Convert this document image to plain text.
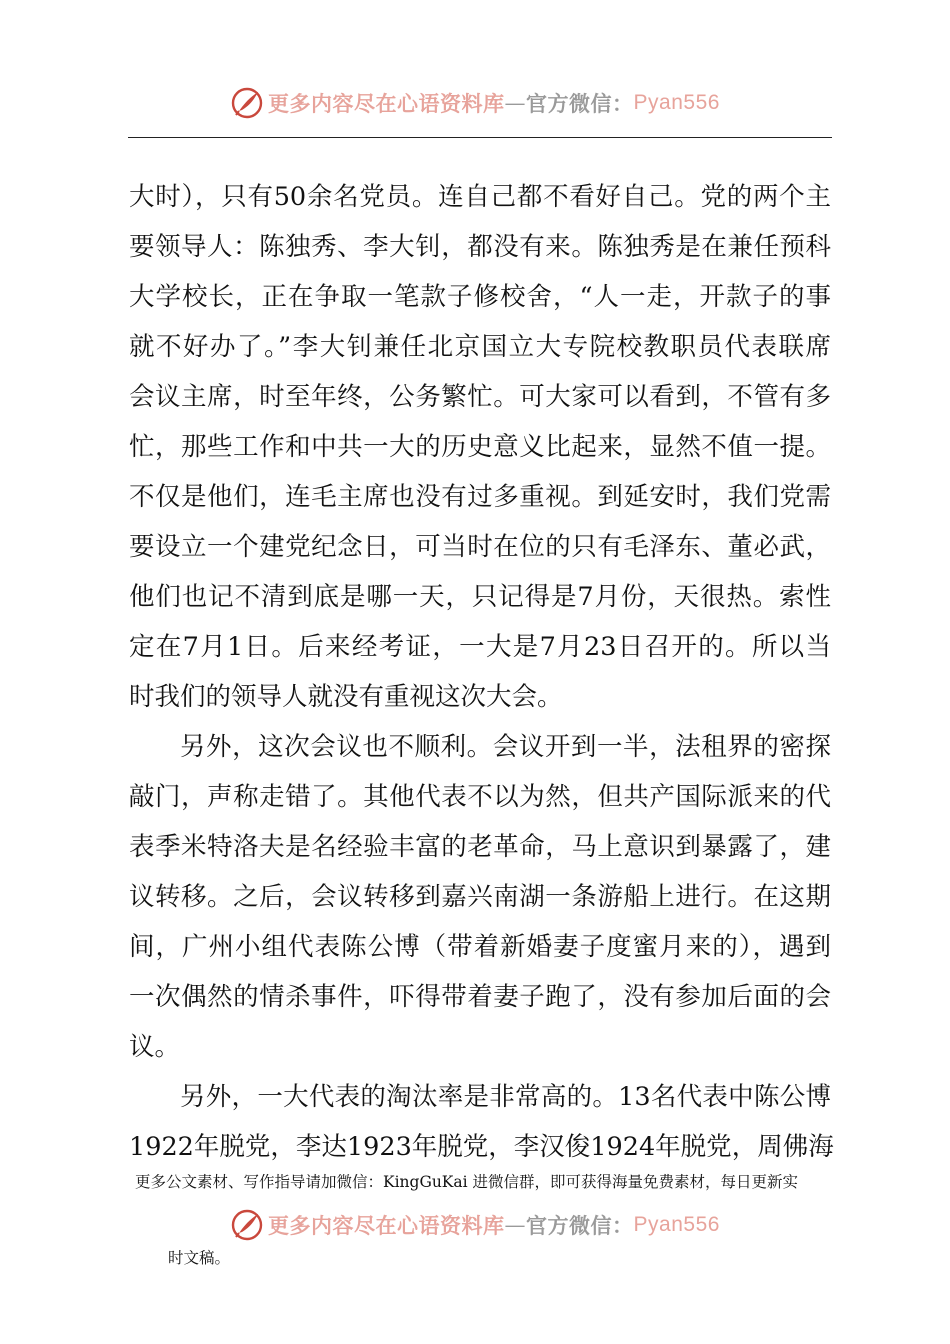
更多内容尽在心语资料库 — 官方微信： Pyan556
大时），只有50余名党员。连自己都不看好自己。党的两个主
要领导人：陈独秀、李大钊，都没有来。陈独秀是在兼任预科
大学校长，正在争取一笔款子修校舍，“人一走，开款子的事
就不好办了。”李大钊兼任北京国立大专院校教职员代表联席
会议主席，时至年终，公务繁忙。可大家可以看到，不管有多
忙，那些工作和中共一大的历史意义比起来，显然不值一提。
不仅是他们，连毛主席也没有过多重视。到延安时，我们党需
要设立一个建党纪念日，可当时在位的只有毛泽东、董必武，
他们也记不清到底是哪一天，只记得是7月份，天很热。索性
定在7月1日。后来经考证，一大是7月23日召开的。所以当
时我们的领导人就没有重视这次大会。
另外，这次会议也不顺利。会议开到一半，法租界的密探
敲门，声称走错了。其他代表不以为然，但共产国际派来的代
表季米特洛夫是名经验丰富的老革命，马上意识到暴露了，建
议转移。之后，会议转移到嘉兴南湖一条游船上进行。在这期
间，广州小组代表陈公博（带着新婚妻子度蜜月来的），遇到
一次偶然的情杀事件，吓得带着妻子跑了，没有参加后面的会
议。
另外，一大代表的淘汰率是非常高的。13名代表中陈公博
1922年脱党，李达1923年脱党，李汉俊1924年脱党，周佛海
更多公文素材、写作指导请加微信：KingGuKai 进微信群，即可获得海量免费素材，每日更新实
更多内容尽在心语资料库 — 官方微信： Pyan556
时文稿。
